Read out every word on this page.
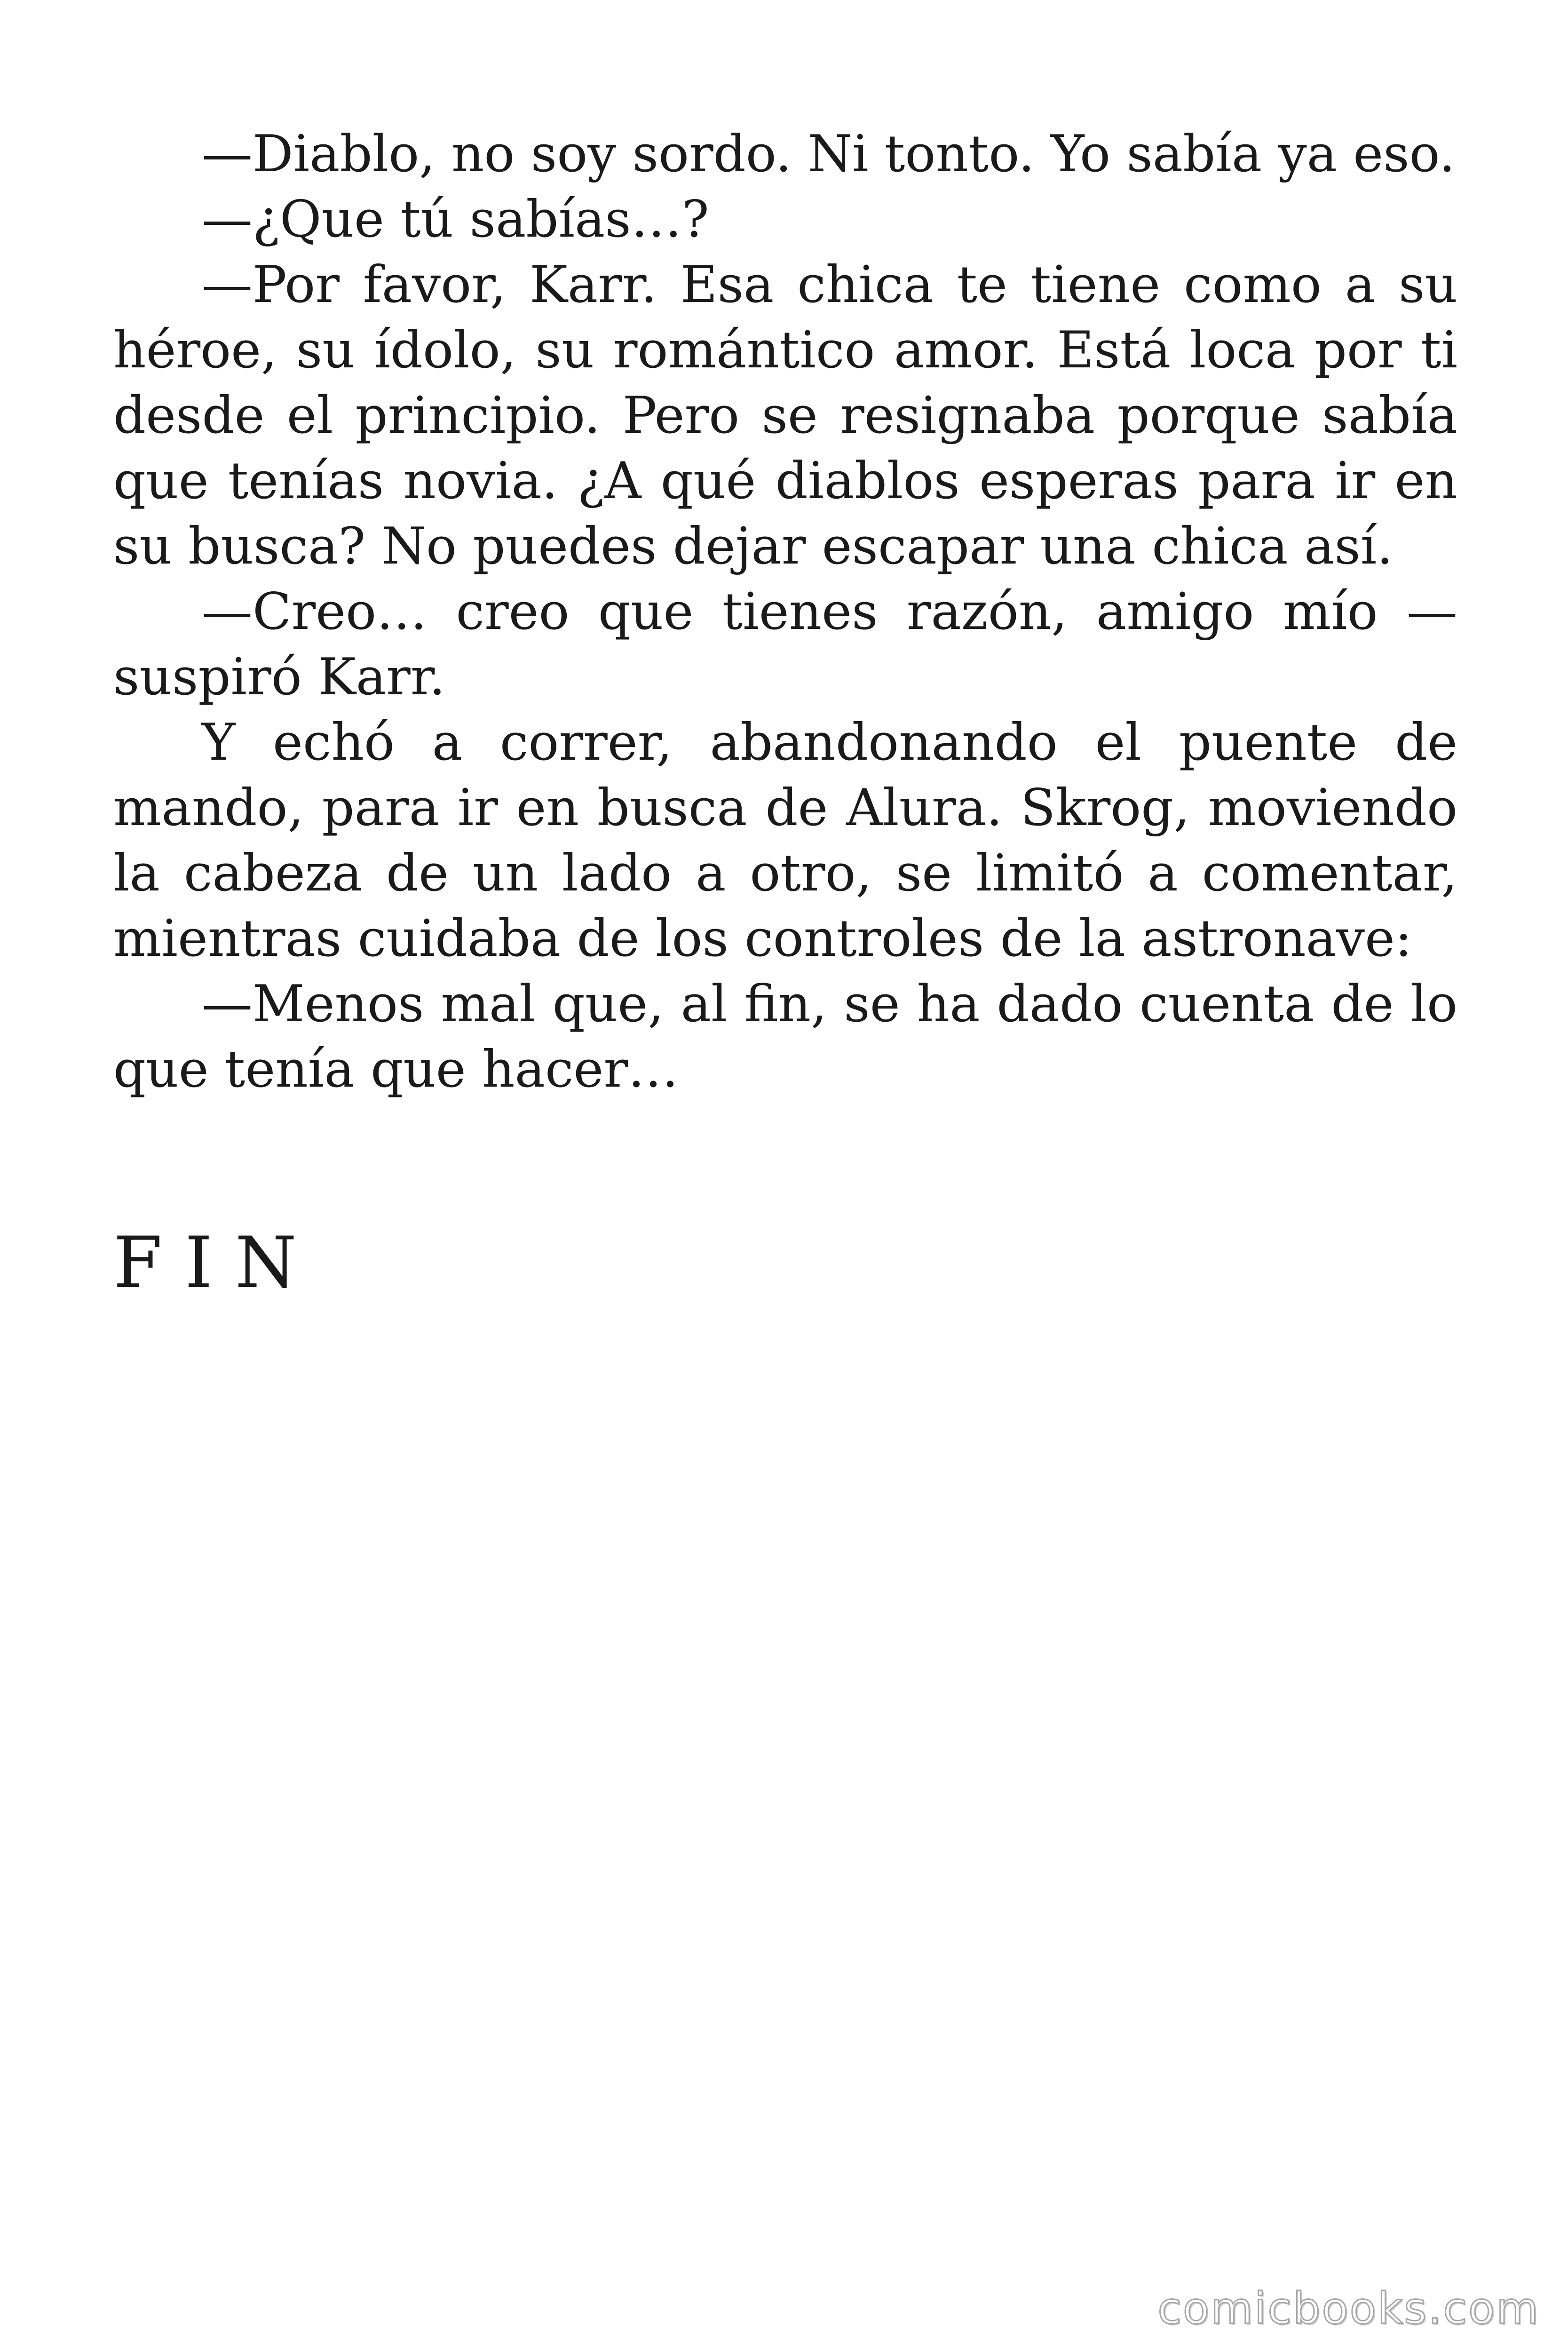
—Diablo, no soy sordo. Ni tonto. Yo sabía ya eso.

—¿Que tú sabías…?

—Por favor, Karr. Esa chica te tiene como a su héroe, su ídolo, su romántico amor. Está loca por ti desde el principio. Pero se resignaba porque sabía que tenías novia. ¿A qué diablos esperas para ir en su busca? No puedes dejar escapar una chica así.

—Creo… creo que tienes razón, amigo mío —suspiró Karr.

Y echó a correr, abandonando el puente de mando, para ir en busca de Alura. Skrog, moviendo la cabeza de un lado a otro, se limitó a comentar, mientras cuidaba de los controles de la astronave:

—Menos mal que, al fin, se ha dado cuenta de lo que tenía que hacer…

F I N
comicbooks.com
